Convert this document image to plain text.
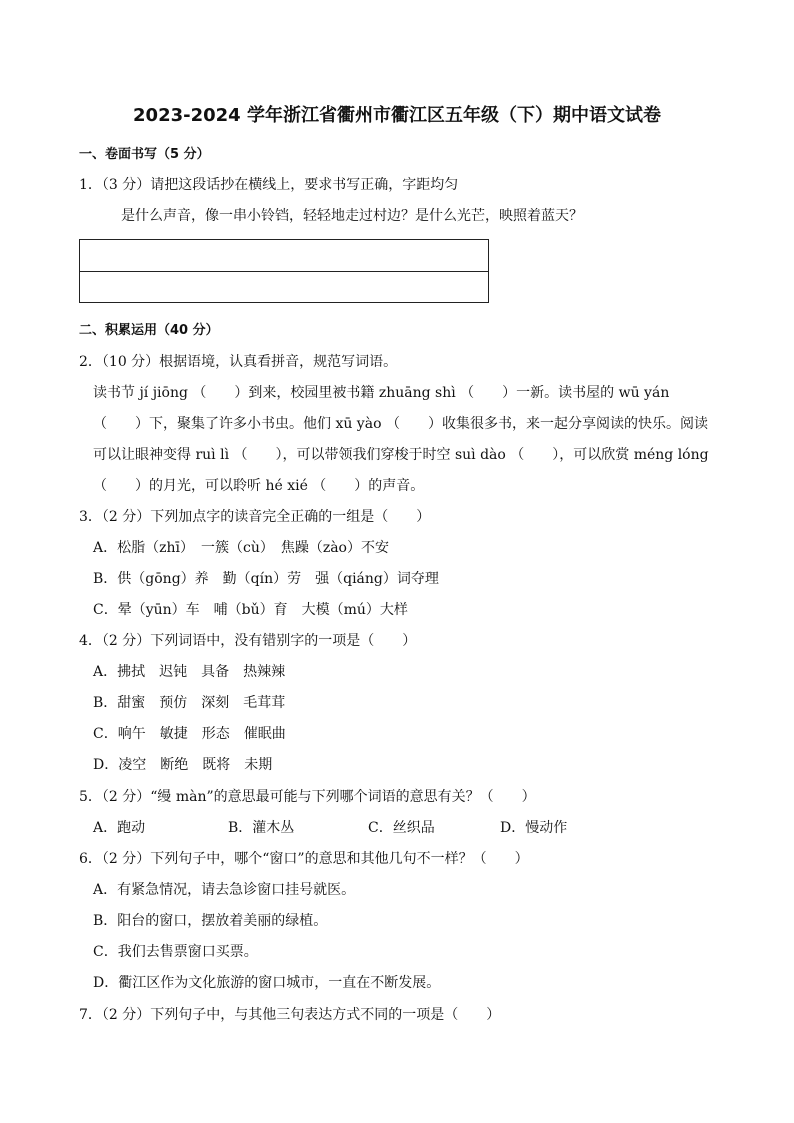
2023-2024 学年浙江省衢州市衢江区五年级（下）期中语文试卷
一、卷面书写（5 分）
1．（3 分）请把这段话抄在横线上，要求书写正确，字距均匀
是什么声音，像一串小铃铛，轻轻地走过村边？是什么光芒，映照着蓝天？
二、积累运用（40 分）
2．（10 分）根据语境，认真看拼音，规范写词语。
读书节 jí jiōng （　　）到来，校园里被书籍 zhuāng shì （　　）一新。读书屋的 wū yán
（　　）下，聚集了许多小书虫。他们 xū yào （　　）收集很多书，来一起分享阅读的快乐。阅读
可以让眼神变得 ruì lì （　　），可以带领我们穿梭于时空 suì dào （　　），可以欣赏 méng lóng
（　　）的月光，可以聆听 hé xié （　　）的声音。
3．（2 分）下列加点字的读音完全正确的一组是（　　）
A．松脂（zhī）　一簇（cù）　焦躁（zào）不安
B．供（gōng）养　勤（qín）劳　强（qiáng）词夺理
C．晕（yūn）车　哺（bǔ）育　大模（mú）大样
4．（2 分）下列词语中，没有错别字的一项是（　　）
A．拂拭　迟钝　具备　热辣辣
B．甜蜜　预仿　深刻　毛茸茸
C．响午　敏捷　形态　催眠曲
D．凌空　断绝　既将　未期
5．（2 分）“缦 màn”的意思最可能与下列哪个词语的意思有关？（　　）
A．跑动	B．灌木丛	C．丝织品	D．慢动作
6．（2 分）下列句子中，哪个“窗口”的意思和其他几句不一样？（　　）
A．有紧急情况，请去急诊窗口挂号就医。
B．阳台的窗口，摆放着美丽的绿植。
C．我们去售票窗口买票。
D．衢江区作为文化旅游的窗口城市，一直在不断发展。
7．（2 分）下列句子中，与其他三句表达方式不同的一项是（　　）
